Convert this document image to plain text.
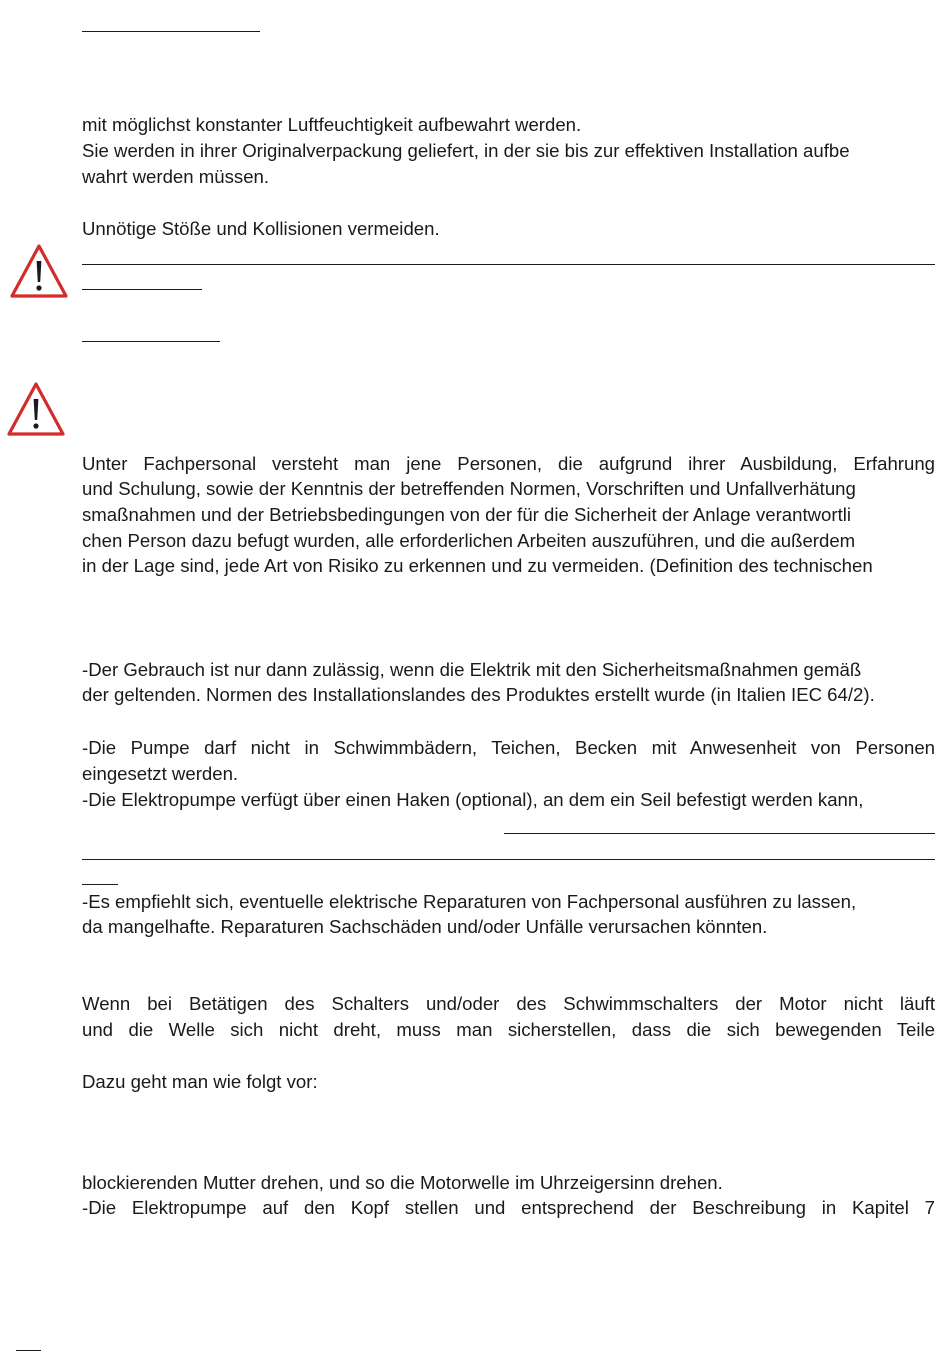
mit möglichst konstanter Luftfeuchtigkeit aufbewahrt werden.
Sie werden in ihrer Originalverpackung geliefert, in der sie bis zur effektiven Installation aufbe
wahrt werden müssen.
Unnötige Stöße und Kollisionen vermeiden.
Unter Fachpersonal versteht man jene Personen, die aufgrund ihrer Ausbildung, Erfahrung
und Schulung, sowie der Kenntnis der betreffenden Normen, Vorschriften und Unfallverhätung
smaßnahmen und der Betriebsbedingungen von der für die Sicherheit der Anlage verantwortli
chen Person dazu befugt wurden, alle erforderlichen Arbeiten auszuführen, und die außerdem
in der Lage sind, jede Art von Risiko zu erkennen und zu vermeiden. (Definition des technischen
-Der Gebrauch ist nur dann zulässig, wenn die Elektrik mit den Sicherheitsmaßnahmen gemäß
der geltenden. Normen des Installationslandes des Produktes erstellt wurde (in Italien IEC 64/2).
-Die Pumpe darf nicht in Schwimmbädern, Teichen, Becken mit Anwesenheit von Personen
eingesetzt werden.
-Die Elektropumpe verfügt über einen Haken (optional), an dem ein Seil befestigt werden kann,
-Es empfiehlt sich, eventuelle elektrische Reparaturen von Fachpersonal ausführen zu lassen,
da mangelhafte. Reparaturen Sachschäden und/oder Unfälle verursachen könnten.
Wenn bei Betätigen des Schalters und/oder des Schwimmschalters der Motor nicht läuft
und die Welle sich nicht dreht, muss man sicherstellen, dass die sich bewegenden Teile
Dazu geht man wie folgt vor:
blockierenden Mutter drehen, und so die Motorwelle im Uhrzeigersinn drehen.
-Die Elektropumpe auf den Kopf stellen und entsprechend der Beschreibung in Kapitel 7
